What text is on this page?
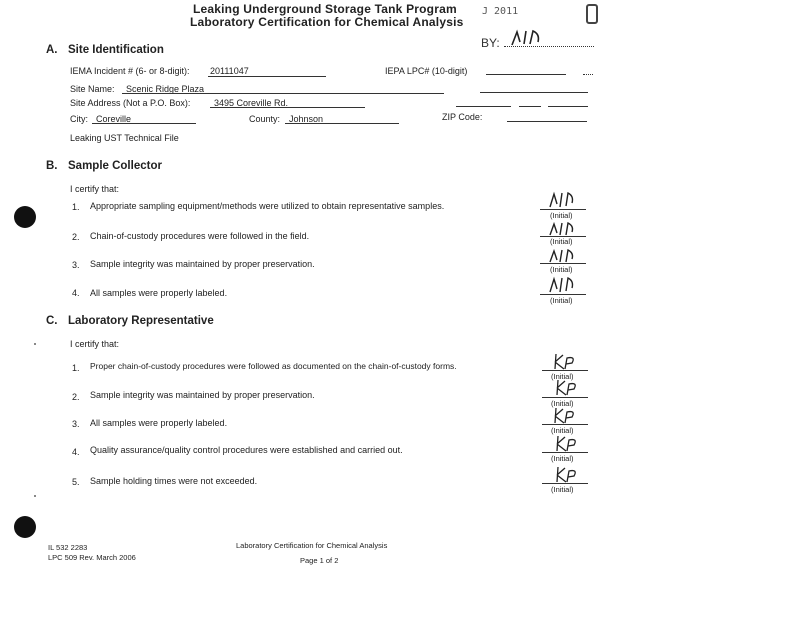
Leaking Underground Storage Tank Program
Laboratory Certification for Chemical Analysis
J 2011
BY:
A. Site Identification
IEMA Incident # (6- or 8-digit): 20111047	IEPA LPC# (10-digit)
Site Name: Scenic Ridge Plaza
Site Address (Not a P.O. Box):	3495 Coreville Rd.
City: Coreville	County: Johnson	ZIP Code:
Leaking UST Technical File
B. Sample Collector
I certify that:
1. Appropriate sampling equipment/methods were utilized to obtain representative samples.
2. Chain-of-custody procedures were followed in the field.
3. Sample integrity was maintained by proper preservation.
4. All samples were properly labeled.
(Initial)
(Initial)
(Initial)
(Initial)
C. Laboratory Representative
I certify that:
1. Proper chain-of-custody procedures were followed as documented on the chain-of-custody forms.
2. Sample integrity was maintained by proper preservation.
3. All samples were properly labeled.
4. Quality assurance/quality control procedures were established and carried out.
5. Sample holding times were not exceeded.
(Initial)
(Initial)
(Initial)
(Initial)
(Initial)
IL 532 2283
LPC 509 Rev. March 2006
Laboratory Certification for Chemical Analysis
Page 1 of 2
